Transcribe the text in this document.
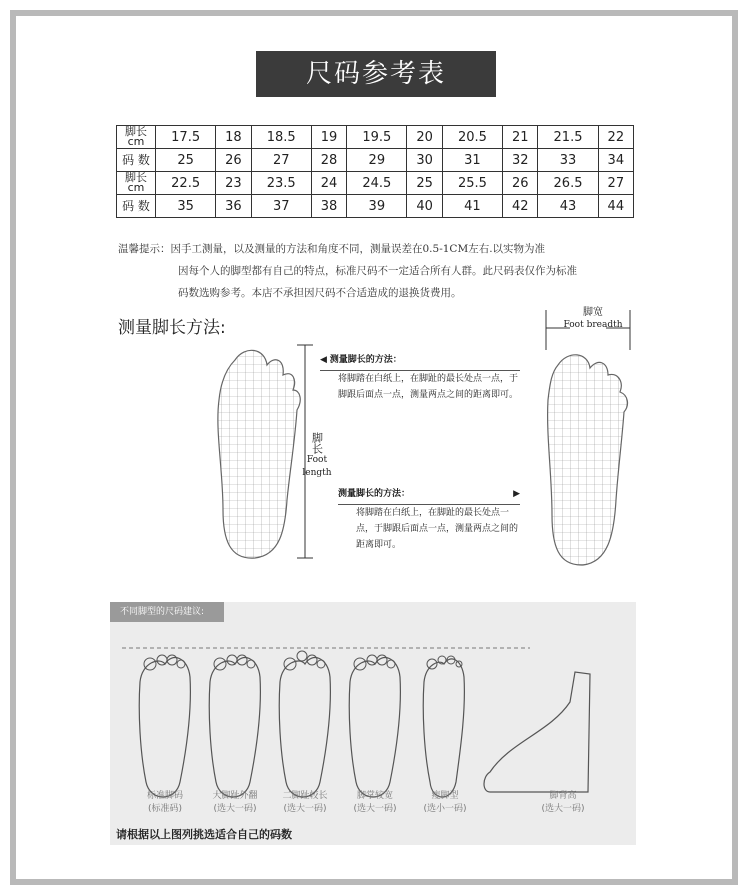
尺码参考表
脚长
cm	17.5	18	18.5	19	19.5	20	20.5	21	21.5	22
码 数	25	26	27	28	29	30	31	32	33	34
脚长
cm	22.5	23	23.5	24	24.5	25	25.5	26	26.5	27
码 数	35	36	37	38	39	40	41	42	43	44
温馨提示：因手工测量，以及测量的方法和角度不同，测量误差在0.5-1CM左右.以实物为准
因每个人的脚型都有自己的特点，标准尺码不一定适合所有人群。此尺码表仅作为标准
码数选购参考。本店不承担因尺码不合适造成的退换货费用。
测量脚长方法:
脚长
Foot length
◀ 测量脚长的方法：
将脚踏在白纸上，在脚趾的最长处点一点，于脚跟后面点一点，测量两点之间的距离即可。
测量脚长的方法：	▶
将脚踏在白纸上，在脚趾的最长处点一点，于脚跟后面点一点，测量两点之间的距离即可。
脚宽
Foot breadth
不同脚型的尺码建议:
标准脚码
(标准码)
大脚趾外翻
(选大一码)
二脚趾较长
(选大一码)
脚掌较宽
(选大一码)
瘦脚型
(选小一码)
脚背高
(选大一码)
请根据以上图列挑选适合自己的码数
